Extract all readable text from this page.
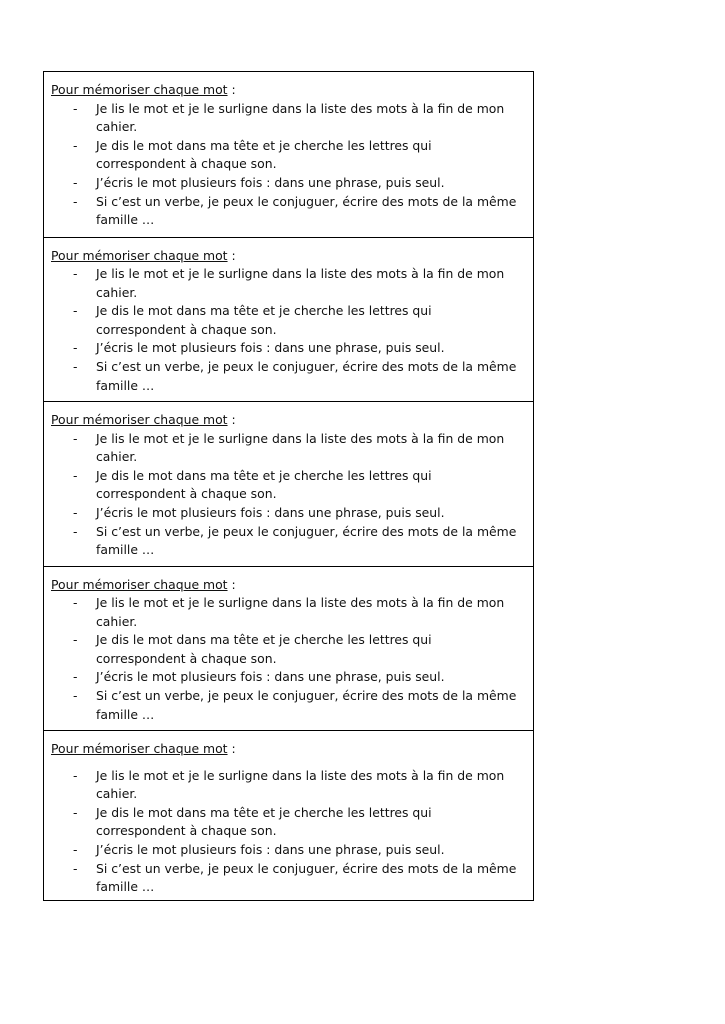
Pour mémoriser chaque mot :
- Je lis le mot et je le surligne dans la liste des mots à la fin de mon cahier.
- Je dis le mot dans ma tête et je cherche les lettres qui correspondent à chaque son.
- J’écris le mot plusieurs fois : dans une phrase, puis seul.
- Si c’est un verbe, je peux le conjuguer, écrire des mots de la même famille …
Pour mémoriser chaque mot :
- Je lis le mot et je le surligne dans la liste des mots à la fin de mon cahier.
- Je dis le mot dans ma tête et je cherche les lettres qui correspondent à chaque son.
- J’écris le mot plusieurs fois : dans une phrase, puis seul.
- Si c’est un verbe, je peux le conjuguer, écrire des mots de la même famille …
Pour mémoriser chaque mot :
- Je lis le mot et je le surligne dans la liste des mots à la fin de mon cahier.
- Je dis le mot dans ma tête et je cherche les lettres qui correspondent à chaque son.
- J’écris le mot plusieurs fois : dans une phrase, puis seul.
- Si c’est un verbe, je peux le conjuguer, écrire des mots de la même famille …
Pour mémoriser chaque mot :
- Je lis le mot et je le surligne dans la liste des mots à la fin de mon cahier.
- Je dis le mot dans ma tête et je cherche les lettres qui correspondent à chaque son.
- J’écris le mot plusieurs fois : dans une phrase, puis seul.
- Si c’est un verbe, je peux le conjuguer, écrire des mots de la même famille …
Pour mémoriser chaque mot :
- Je lis le mot et je le surligne dans la liste des mots à la fin de mon cahier.
- Je dis le mot dans ma tête et je cherche les lettres qui correspondent à chaque son.
- J’écris le mot plusieurs fois : dans une phrase, puis seul.
- Si c’est un verbe, je peux le conjuguer, écrire des mots de la même famille …
